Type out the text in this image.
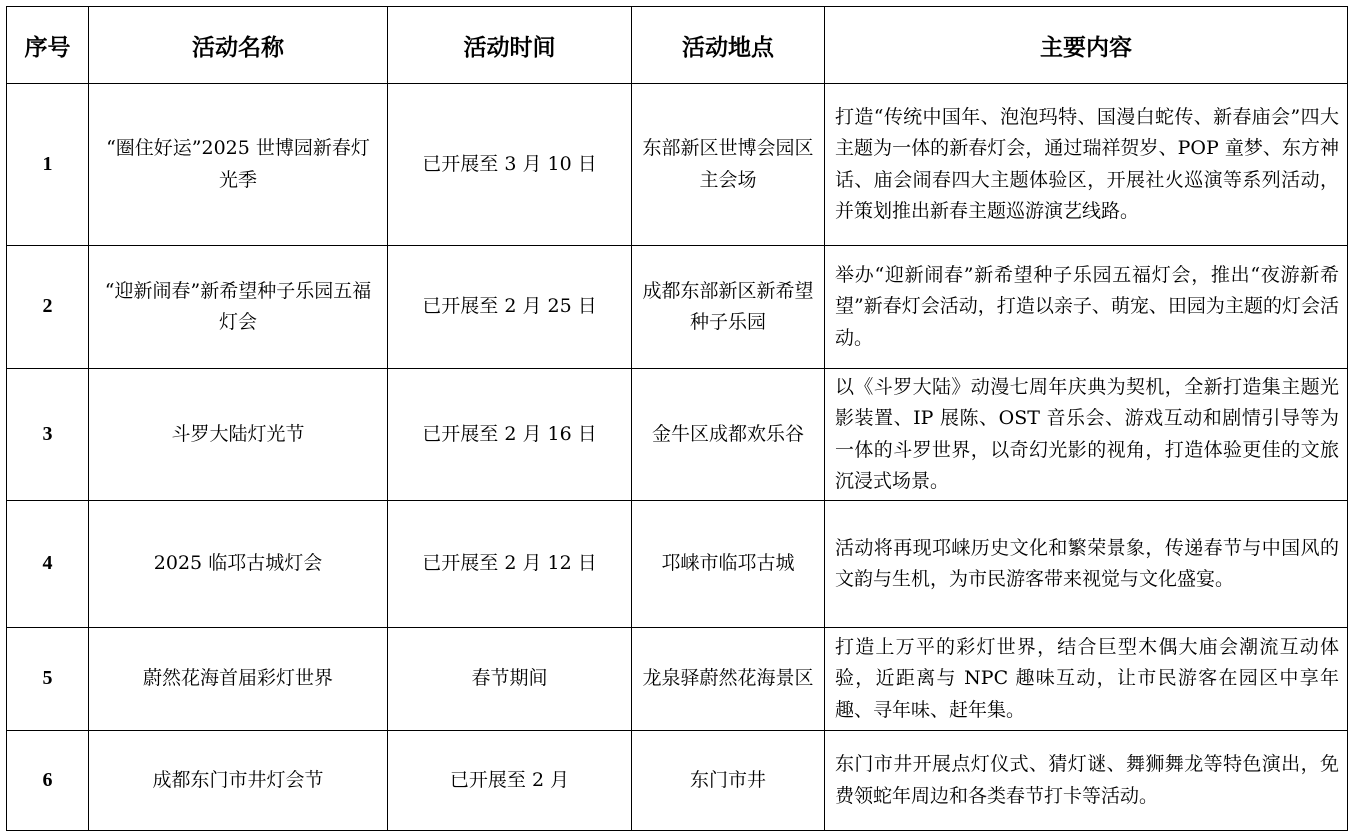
序号	活动名称	活动时间	活动地点	主要内容
1	“圈住好运”2025 世博园新春灯光季	已开展至 3 月 10 日	东部新区世博会园区主会场	打造“传统中国年、泡泡玛特、国漫白蛇传、新春庙会”四大主题为一体的新春灯会，通过瑞祥贺岁、POP 童梦、东方神话、庙会闹春四大主题体验区，开展社火巡演等系列活动，并策划推出新春主题巡游演艺线路。
2	“迎新闹春”新希望种子乐园五福灯会	已开展至 2 月 25 日	成都东部新区新希望种子乐园	举办“迎新闹春”新希望种子乐园五福灯会，推出“夜游新希望”新春灯会活动，打造以亲子、萌宠、田园为主题的灯会活动。
3	斗罗大陆灯光节	已开展至 2 月 16 日	金牛区成都欢乐谷	以《斗罗大陆》动漫七周年庆典为契机，全新打造集主题光影装置、IP 展陈、OST 音乐会、游戏互动和剧情引导等为一体的斗罗世界，以奇幻光影的视角，打造体验更佳的文旅沉浸式场景。
4	2025 临邛古城灯会	已开展至 2 月 12 日	邛崃市临邛古城	活动将再现邛崃历史文化和繁荣景象，传递春节与中国风的文韵与生机，为市民游客带来视觉与文化盛宴。
5	蔚然花海首届彩灯世界	春节期间	龙泉驿蔚然花海景区	打造上万平的彩灯世界，结合巨型木偶大庙会潮流互动体验，近距离与 NPC 趣味互动，让市民游客在园区中享年趣、寻年味、赶年集。
6	成都东门市井灯会节	已开展至 2 月	东门市井	东门市井开展点灯仪式、猜灯谜、舞狮舞龙等特色演出，免费领蛇年周边和各类春节打卡等活动。
